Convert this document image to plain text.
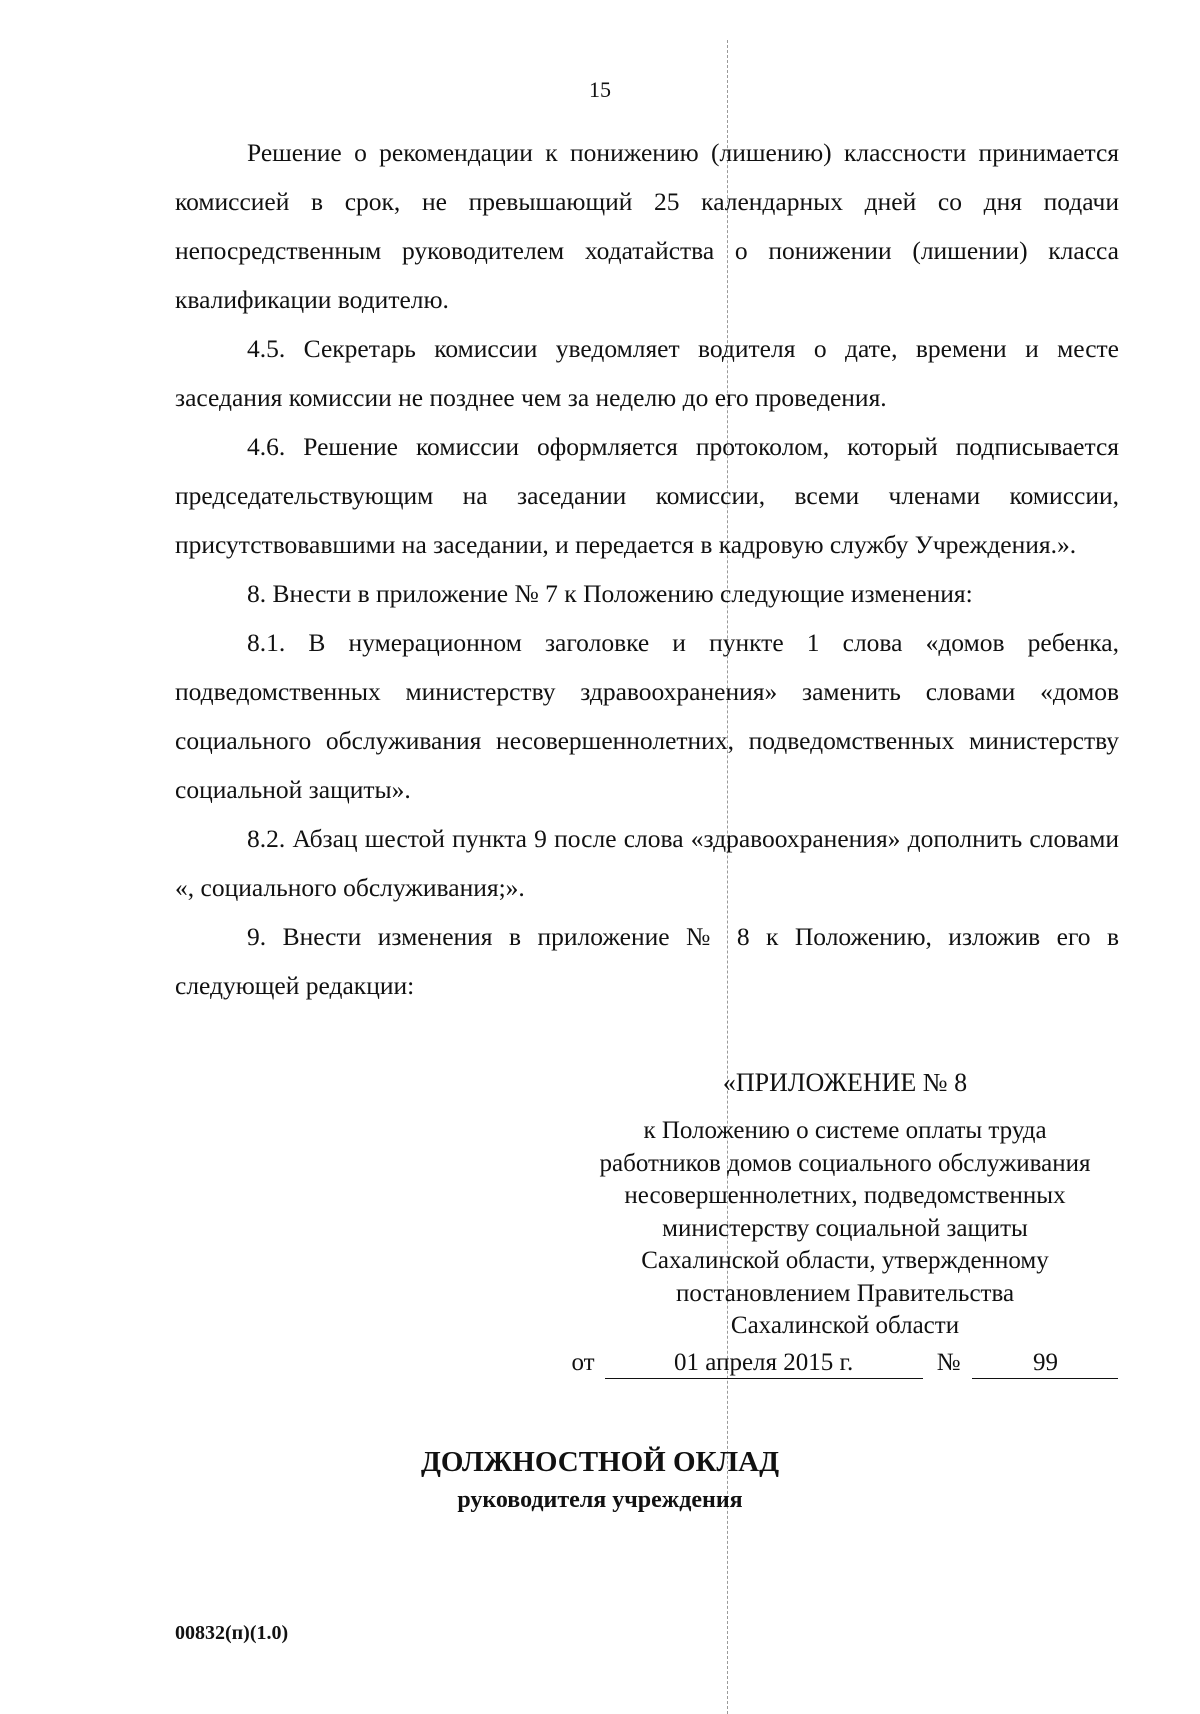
15

Решение о рекомендации к понижению (лишению) классности принимается комиссией в срок, не превышающий 25 календарных дней со дня подачи непосредственным руководителем ходатайства о понижении (лишении) класса квалификации водителю.

4.5. Секретарь комиссии уведомляет водителя о дате, времени и месте заседания комиссии не позднее чем за неделю до его проведения.

4.6. Решение комиссии оформляется протоколом, который подписывается председательствующим на заседании комиссии, всеми членами комиссии, присутствовавшими на заседании, и передается в кадровую службу Учреждения.».

8. Внести в приложение № 7 к Положению следующие изменения:

8.1. В нумерационном заголовке и пункте 1 слова «домов ребенка, подведомственных министерству здравоохранения» заменить словами «домов социального обслуживания несовершеннолетних, подведомственных министерству социальной защиты».

8.2. Абзац шестой пункта 9 после слова «здравоохранения» дополнить словами «, социального обслуживания;».

9. Внести изменения в приложение № 8 к Положению, изложив его в следующей редакции:

«ПРИЛОЖЕНИЕ № 8
к Положению о системе оплаты труда
работников домов социального обслуживания
несовершеннолетних, подведомственных
министерству социальной защиты
Сахалинской области, утвержденному
постановлением Правительства
Сахалинской области
от	01 апреля 2015 г.	№	99
ДОЛЖНОСТНОЙ ОКЛАД
руководителя учреждения
00832(п)(1.0)
